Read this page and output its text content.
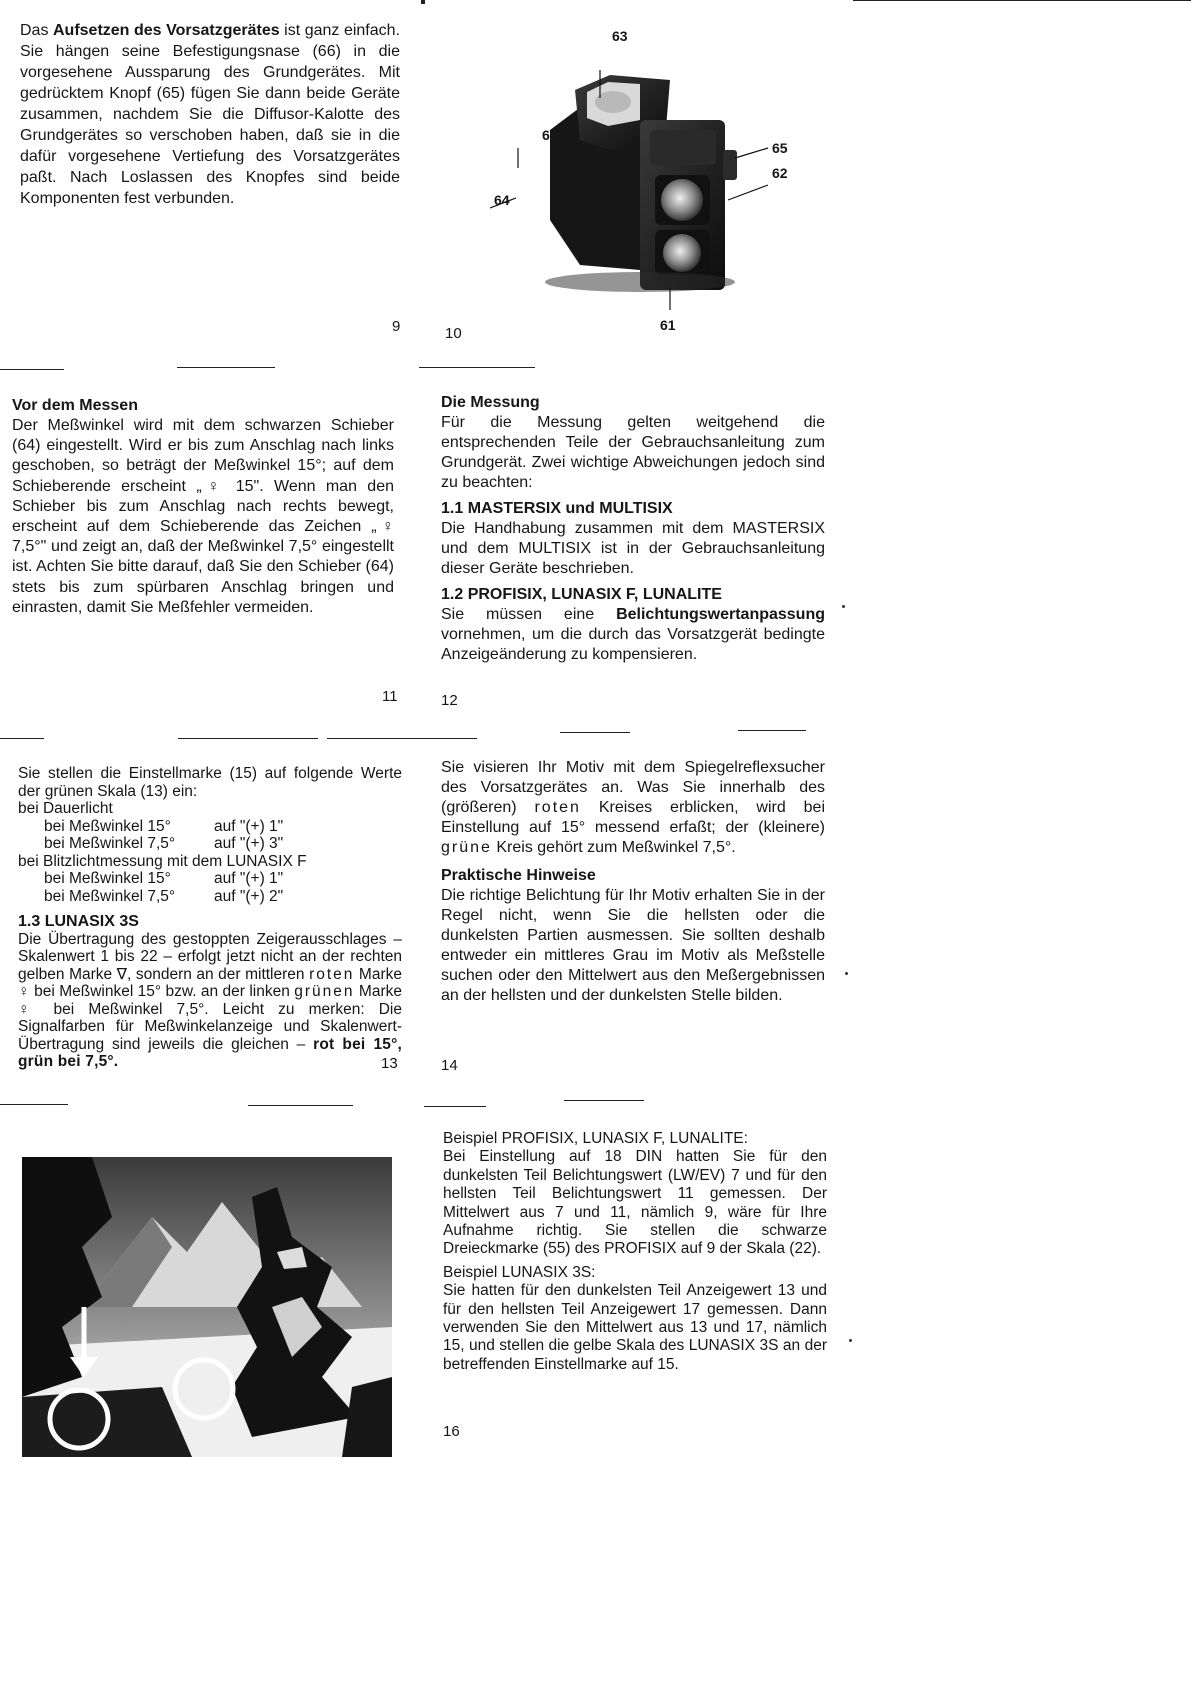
Das Aufsetzen des Vorsatzgerätes ist ganz einfach. Sie hängen seine Befestigungsnase (66) in die vorgesehene Aussparung des Grundgerätes. Mit gedrücktem Knopf (65) fügen Sie dann beide Geräte zusammen, nachdem Sie die Diffusor-Kalotte des Grundgerätes so verschoben haben, daß sie in die dafür vorgesehene Vertiefung des Vorsatzgerätes paßt. Nach Loslassen des Knopfes sind beide Komponenten fest verbunden.
9
63
66
65
62
64
61
10

Vor dem Messen

Der Meßwinkel wird mit dem schwarzen Schieber (64) eingestellt. Wird er bis zum Anschlag nach links geschoben, so beträgt der Meßwinkel 15°; auf dem Schieberende erscheint „♀ 15". Wenn man den Schieber bis zum Anschlag nach rechts bewegt, erscheint auf dem Schieberende das Zeichen „♀ 7,5°" und zeigt an, daß der Meßwinkel 7,5° eingestellt ist. Achten Sie bitte darauf, daß Sie den Schieber (64) stets bis zum spürbaren Anschlag bringen und einrasten, damit Sie Meßfehler vermeiden.

11

Die Messung

Für die Messung gelten weitgehend die entsprechenden Teile der Gebrauchsanleitung zum Grundgerät. Zwei wichtige Abweichungen jedoch sind zu beachten:

1.1 MASTERSIX und MULTISIX

Die Handhabung zusammen mit dem MASTERSIX und dem MULTISIX ist in der Gebrauchsanleitung dieser Geräte beschrieben.

1.2 PROFISIX, LUNASIX F, LUNALITE

Sie müssen eine Belichtungswertanpassung vornehmen, um die durch das Vorsatzgerät bedingte Anzeigeänderung zu kompensieren.

12

Sie stellen die Einstellmarke (15) auf folgende Werte der grünen Skala (13) ein:

bei Dauerlicht

bei Meßwinkel 15°	auf "(+) 1"

bei Meßwinkel 7,5°	auf "(+) 3"

bei Blitzlichtmessung mit dem LUNASIX F

bei Meßwinkel 15°	auf "(+) 1"

bei Meßwinkel 7,5°	auf "(+) 2"

1.3 LUNASIX 3S

Die Übertragung des gestoppten Zeigerausschlages – Skalenwert 1 bis 22 – erfolgt jetzt nicht an der rechten gelben Marke ∇, sondern an der mittleren roten Marke ♀ bei Meßwinkel 15° bzw. an der linken grünen Marke ♀ bei Meßwinkel 7,5°. Leicht zu merken: Die Signalfarben für Meßwinkelanzeige und Skalenwert-Übertragung sind jeweils die gleichen – rot bei 15°, grün bei 7,5°.	13

Sie visieren Ihr Motiv mit dem Spiegelreflexsucher des Vorsatzgerätes an. Was Sie innerhalb des (größeren) roten Kreises erblicken, wird bei Einstellung auf 15° messend erfaßt; der (kleinere) grüne Kreis gehört zum Meßwinkel 7,5°.

Praktische Hinweise

Die richtige Belichtung für Ihr Motiv erhalten Sie in der Regel nicht, wenn Sie die hellsten oder die dunkelsten Partien ausmessen. Sie sollten deshalb entweder ein mittleres Grau im Motiv als Meßstelle suchen oder den Mittelwert aus den Meßergebnissen an der hellsten und der dunkelsten Stelle bilden.

14

Beispiel PROFISIX, LUNASIX F, LUNALITE:

Bei Einstellung auf 18 DIN hatten Sie für den dunkelsten Teil Belichtungswert (LW/EV) 7 und für den hellsten Teil Belichtungswert 11 gemessen. Der Mittelwert aus 7 und 11, nämlich 9, wäre für Ihre Aufnahme richtig. Sie stellen die schwarze Dreieckmarke (55) des PROFISIX auf 9 der Skala (22).

Beispiel LUNASIX 3S:

Sie hatten für den dunkelsten Teil Anzeigewert 13 und für den hellsten Teil Anzeigewert 17 gemessen. Dann verwenden Sie den Mittelwert aus 13 und 17, nämlich 15, und stellen die gelbe Skala des LUNASIX 3S an der betreffenden Einstellmarke auf 15.

16
